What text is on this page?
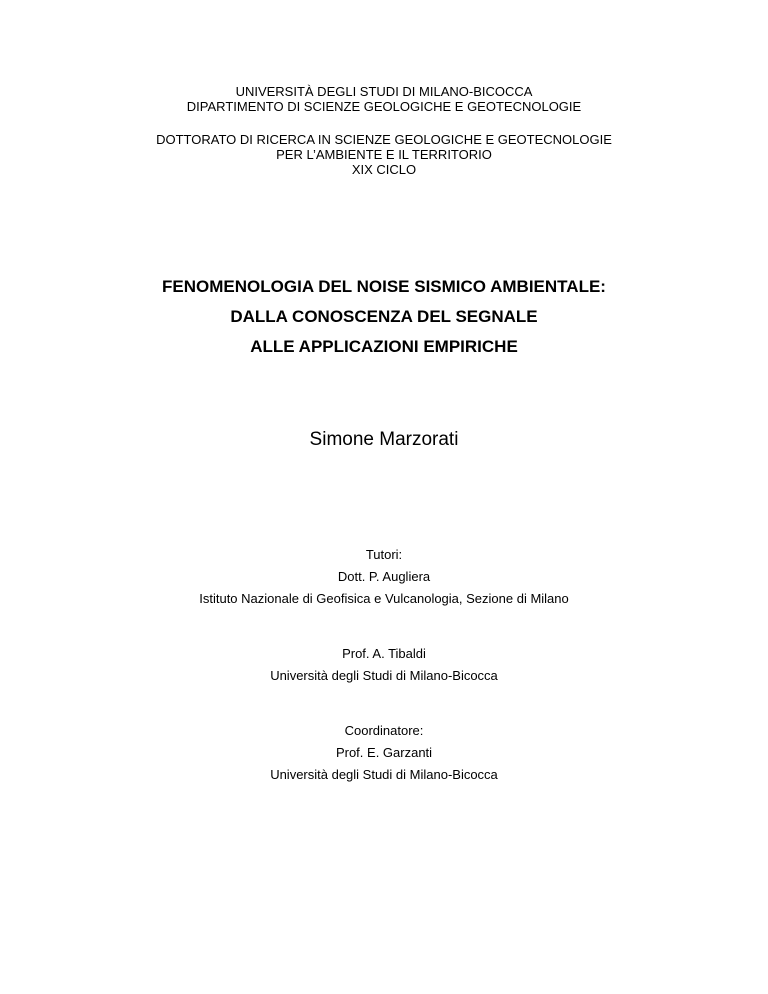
UNIVERSITÀ DEGLI STUDI DI MILANO-BICOCCA
DIPARTIMENTO DI SCIENZE GEOLOGICHE E GEOTECNOLOGIE
DOTTORATO DI RICERCA IN SCIENZE GEOLOGICHE E GEOTECNOLOGIE
PER L’AMBIENTE E IL TERRITORIO
XIX CICLO
FENOMENOLOGIA DEL NOISE SISMICO AMBIENTALE:
DALLA CONOSCENZA DEL SEGNALE
ALLE APPLICAZIONI EMPIRICHE
Simone Marzorati
Tutori:
Dott. P. Augliera
Istituto Nazionale di Geofisica e Vulcanologia, Sezione di Milano
Prof. A. Tibaldi
Università degli Studi di Milano-Bicocca
Coordinatore:
Prof. E. Garzanti
Università degli Studi di Milano-Bicocca
